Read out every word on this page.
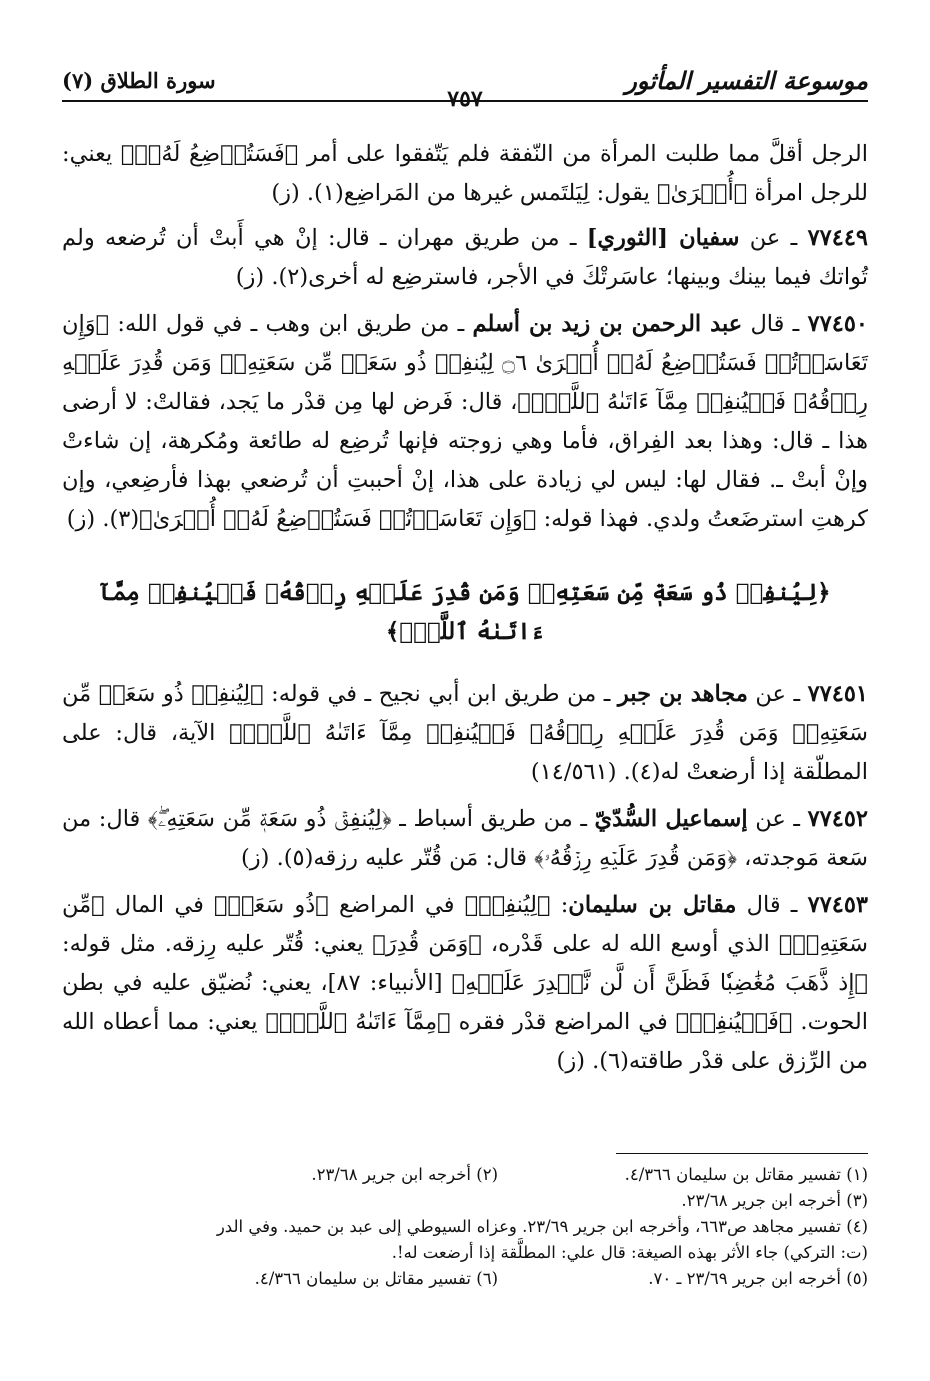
موسوعة التفسير المأثور
٧٥٧
سورة الطلاق (٧)

الرجل أقلَّ مما طلبت المرأة من النّفقة فلم يَتّفقوا على أمر ﴿فَسَتُرۡضِعُ لَهُۥٓ﴾ يعني: للرجل امرأة ﴿أُخۡرَىٰ﴾ يقول: لِيَلتَمس غيرها من المَراضِع(١). (ز)

٧٧٤٤٩ ـ عن سفيان [الثوري] ـ من طريق مهران ـ قال: إنْ هي أَبتْ أن تُرضعه ولم تُواتك فيما بينك وبينها؛ عاسَرتْكَ في الأجر، فاسترضِع له أخرى(٢). (ز)

٧٧٤٥٠ ـ قال عبد الرحمن بن زيد بن أسلم ـ من طريق ابن وهب ـ في قول الله: ﴿وَإِن تَعَاسَرۡتُمۡ فَسَتُرۡضِعُ لَهُۥٓ أُخۡرَىٰ ۝٦ لِيُنفِقۡ ذُو سَعَةٖ مِّن سَعَتِهِۦۖ وَمَن قُدِرَ عَلَيۡهِ رِزۡقُهُۥ فَلۡيُنفِقۡ مِمَّآ ءَاتَىٰهُ ٱللَّهُۚ﴾، قال: فَرض لها مِن قدْر ما يَجد، فقالتْ: لا أرضى هذا ـ قال: وهذا بعد الفِراق، فأما وهي زوجته فإنها تُرضِع له طائعة ومُكرهة، إن شاءتْ وإنْ أبتْ ـ. فقال لها: ليس لي زيادة على هذا، إنْ أحببتِ أن تُرضعي بهذا فأرضِعي، وإن كرهتِ استرضَعتُ ولدي. فهذا قوله: ﴿وَإِن تَعَاسَرۡتُمۡ فَسَتُرۡضِعُ لَهُۥٓ أُخۡرَىٰ﴾(٣). (ز)

﴿لِيُنفِقۡ ذُو سَعَةٖ مِّن سَعَتِهِۦۖ وَمَن قُدِرَ عَلَيۡهِ رِزۡقُهُۥ فَلۡيُنفِقۡ مِمَّآ ءَاتَىٰهُ ٱللَّهُۚ﴾

٧٧٤٥١ ـ عن مجاهد بن جبر ـ من طريق ابن أبي نجيح ـ في قوله: ﴿لِيُنفِقۡ ذُو سَعَةٖ مِّن سَعَتِهِۦۖ وَمَن قُدِرَ عَلَيۡهِ رِزۡقُهُۥ فَلۡيُنفِقۡ مِمَّآ ءَاتَىٰهُ ٱللَّهُۚ﴾ الآية، قال: على المطلّقة إذا أرضعتْ له(٤). (١٤/٥٦١)

٧٧٤٥٢ ـ عن إسماعيل السُّدّيّ ـ من طريق أسباط ـ ﴿لِيُنفِقۡ ذُو سَعَةٖ مِّن سَعَتِهِۦۖ﴾ قال: من سَعة مَوجدته، ﴿وَمَن قُدِرَ عَلَيۡهِ رِزۡقُهُۥ﴾ قال: مَن قُتّر عليه رزقه(٥). (ز)

٧٧٤٥٣ ـ قال مقاتل بن سليمان: ﴿لِيُنفِقۡ﴾ في المراضع ﴿ذُو سَعَةٖ﴾ في المال ﴿مِّن سَعَتِهِۦۖ﴾ الذي أوسع الله له على قَدْره، ﴿وَمَن قُدِرَ﴾ يعني: قُتّر عليه رِزقه. مثل قوله: ﴿إِذ ذَّهَبَ مُغَٰضِبٗا فَظَنَّ أَن لَّن نَّقۡدِرَ عَلَيۡهِ﴾ [الأنبياء: ٨٧]، يعني: نُضيّق عليه في بطن الحوت. ﴿فَلۡيُنفِقۡ﴾ في المراضع قدْر فقره ﴿مِمَّآ ءَاتَىٰهُ ٱللَّهُۚ﴾ يعني: مما أعطاه الله من الرِّزق على قدْر طاقته(٦). (ز)

(١) تفسير مقاتل بن سليمان ٤/٣٦٦.
(٢) أخرجه ابن جرير ٢٣/٦٨.
(٣) أخرجه ابن جرير ٢٣/٦٨.
(٤) تفسير مجاهد ص٦٦٣، وأخرجه ابن جرير ٢٣/٦٩. وعزاه السيوطي إلى عبد بن حميد. وفي الدر
(ت: التركي) جاء الأثر بهذه الصيغة: قال علي: المطلَّقة إذا أرضعت له!.
(٥) أخرجه ابن جرير ٢٣/٦٩ ـ ٧٠.
(٦) تفسير مقاتل بن سليمان ٤/٣٦٦.
